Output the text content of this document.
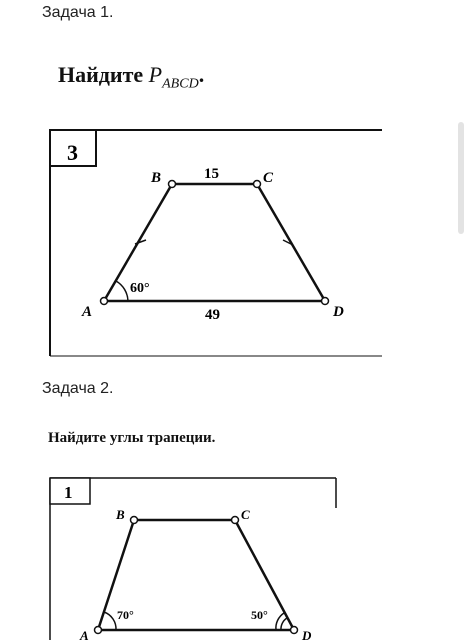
Задача 1.
Найдите $P_{ABCD}$.
Задача 2.
Найдите углы трапеции.
3
A
B	C
D
15
49
60°
1
A
B	C
D
70°	50°
